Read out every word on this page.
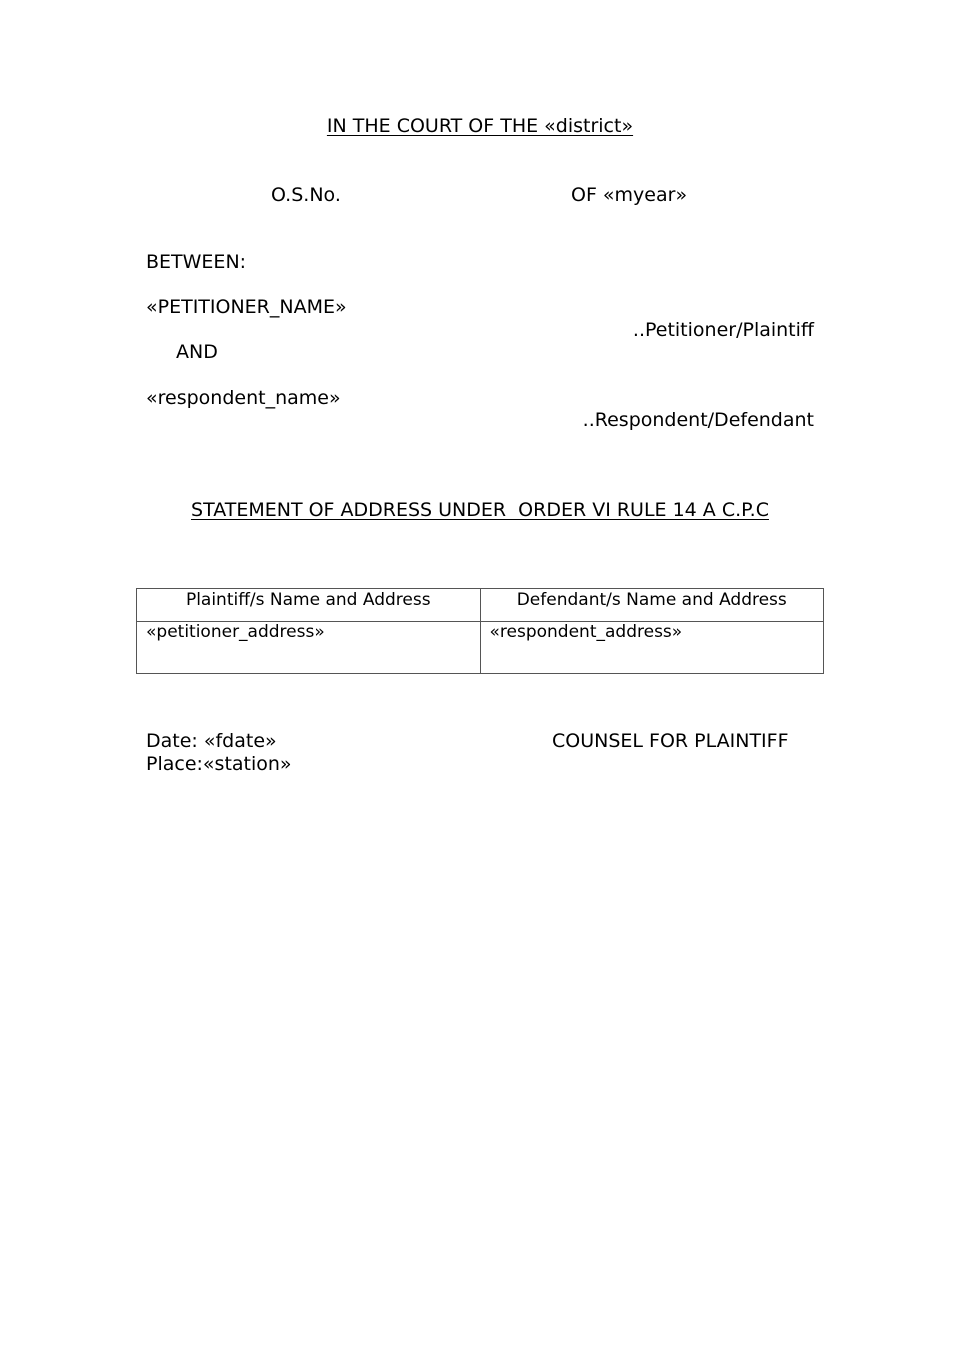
IN THE COURT OF THE «district»
O.S.No.	OF «myear»
BETWEEN:
«PETITIONER_NAME»
..Petitioner/Plaintiff
AND
«respondent_name»
..Respondent/Defendant
STATEMENT OF ADDRESS UNDER  ORDER VI RULE 14 A C.P.C
Plaintiff/s Name and Address	Defendant/s Name and Address
«petitioner_address»	«respondent_address»
Date: «fdate»
Place:«station»
COUNSEL FOR PLAINTIFF
